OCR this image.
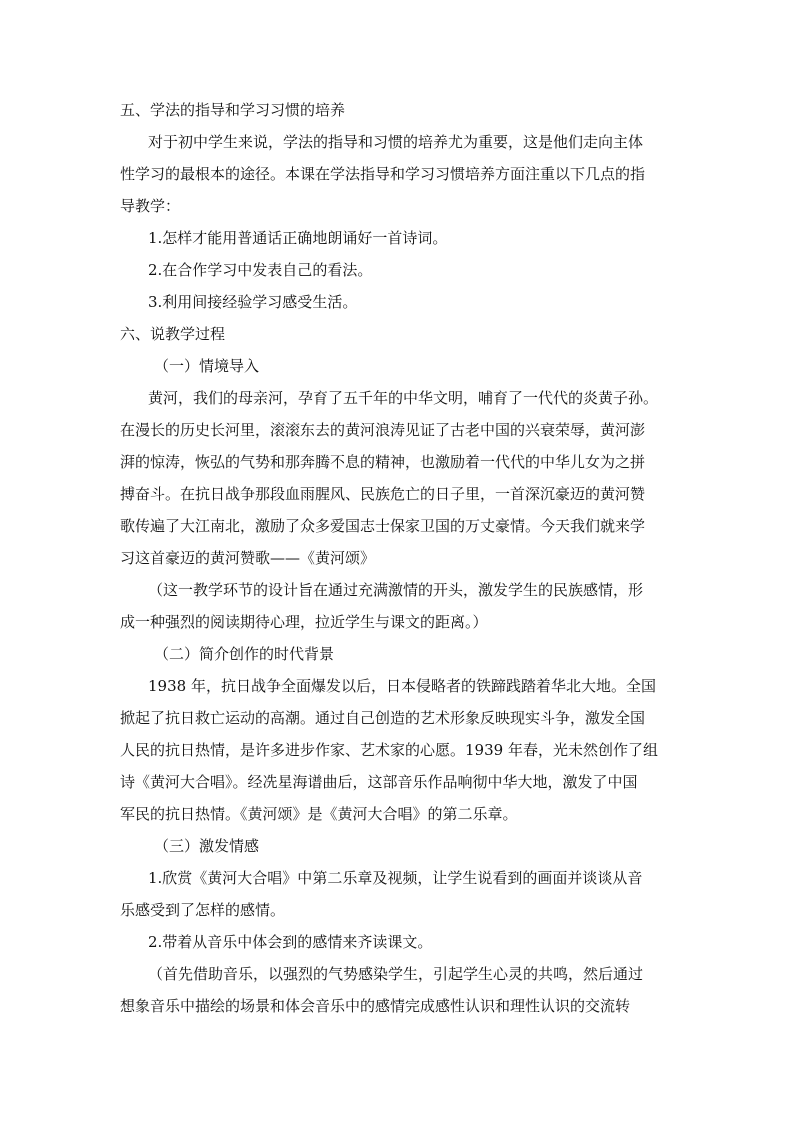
五、学法的指导和学习习惯的培养
对于初中学生来说，学法的指导和习惯的培养尤为重要，这是他们走向主体
性学习的最根本的途径。本课在学法指导和学习习惯培养方面注重以下几点的指
导教学：
1.怎样才能用普通话正确地朗诵好一首诗词。
2.在合作学习中发表自己的看法。
3.利用间接经验学习感受生活。
六、说教学过程
（一）情境导入
黄河，我们的母亲河，孕育了五千年的中华文明，哺育了一代代的炎黄子孙。
在漫长的历史长河里，滚滚东去的黄河浪涛见证了古老中国的兴衰荣辱，黄河澎
湃的惊涛，恢弘的气势和那奔腾不息的精神，也激励着一代代的中华儿女为之拼
搏奋斗。在抗日战争那段血雨腥风、民族危亡的日子里，一首深沉豪迈的黄河赞
歌传遍了大江南北，激励了众多爱国志士保家卫国的万丈豪情。今天我们就来学
习这首豪迈的黄河赞歌——《黄河颂》
（这一教学环节的设计旨在通过充满激情的开头，激发学生的民族感情，形
成一种强烈的阅读期待心理，拉近学生与课文的距离。）
（二）简介创作的时代背景
1938 年，抗日战争全面爆发以后，日本侵略者的铁蹄践踏着华北大地。全国
掀起了抗日救亡运动的高潮。通过自己创造的艺术形象反映现实斗争，激发全国
人民的抗日热情，是许多进步作家、艺术家的心愿。1939 年春，光未然创作了组
诗《黄河大合唱》。经冼星海谱曲后，这部音乐作品响彻中华大地，激发了中国
军民的抗日热情。《黄河颂》是《黄河大合唱》的第二乐章。
（三）激发情感
1.欣赏《黄河大合唱》中第二乐章及视频，让学生说看到的画面并谈谈从音
乐感受到了怎样的感情。
2.带着从音乐中体会到的感情来齐读课文。
（首先借助音乐，以强烈的气势感染学生，引起学生心灵的共鸣，然后通过
想象音乐中描绘的场景和体会音乐中的感情完成感性认识和理性认识的交流转
